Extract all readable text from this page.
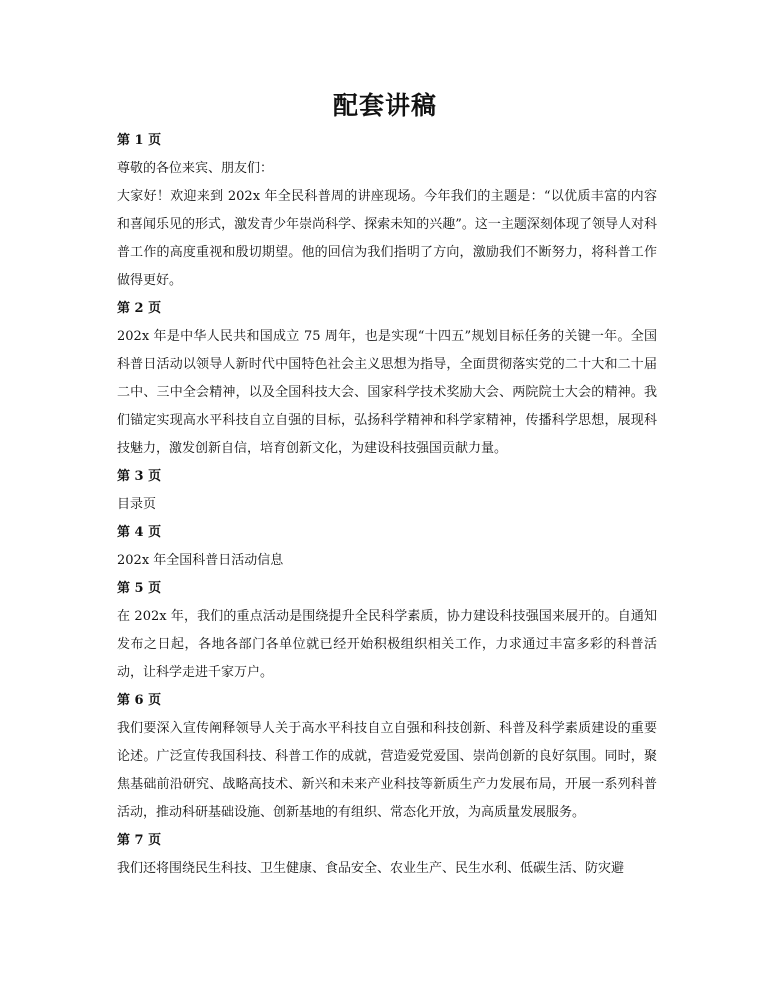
配套讲稿

第 1 页

尊敬的各位来宾、朋友们：

大家好！欢迎来到 202x 年全民科普周的讲座现场。今年我们的主题是：“以优质丰富的内容和喜闻乐见的形式，激发青少年崇尚科学、探索未知的兴趣”。这一主题深刻体现了领导人对科普工作的高度重视和殷切期望。他的回信为我们指明了方向，激励我们不断努力，将科普工作做得更好。

第 2 页

202x 年是中华人民共和国成立 75 周年，也是实现“十四五”规划目标任务的关键一年。全国科普日活动以领导人新时代中国特色社会主义思想为指导，全面贯彻落实党的二十大和二十届二中、三中全会精神，以及全国科技大会、国家科学技术奖励大会、两院院士大会的精神。我们锚定实现高水平科技自立自强的目标，弘扬科学精神和科学家精神，传播科学思想，展现科技魅力，激发创新自信，培育创新文化，为建设科技强国贡献力量。

第 3 页

目录页

第 4 页

202x 年全国科普日活动信息

第 5 页

在 202x 年，我们的重点活动是围绕提升全民科学素质，协力建设科技强国来展开的。自通知发布之日起，各地各部门各单位就已经开始积极组织相关工作，力求通过丰富多彩的科普活动，让科学走进千家万户。

第 6 页

我们要深入宣传阐释领导人关于高水平科技自立自强和科技创新、科普及科学素质建设的重要论述。广泛宣传我国科技、科普工作的成就，营造爱党爱国、崇尚创新的良好氛围。同时，聚焦基础前沿研究、战略高技术、新兴和未来产业科技等新质生产力发展布局，开展一系列科普活动，推动科研基础设施、创新基地的有组织、常态化开放，为高质量发展服务。

第 7 页

我们还将围绕民生科技、卫生健康、食品安全、农业生产、民生水利、低碳生活、防灾避
